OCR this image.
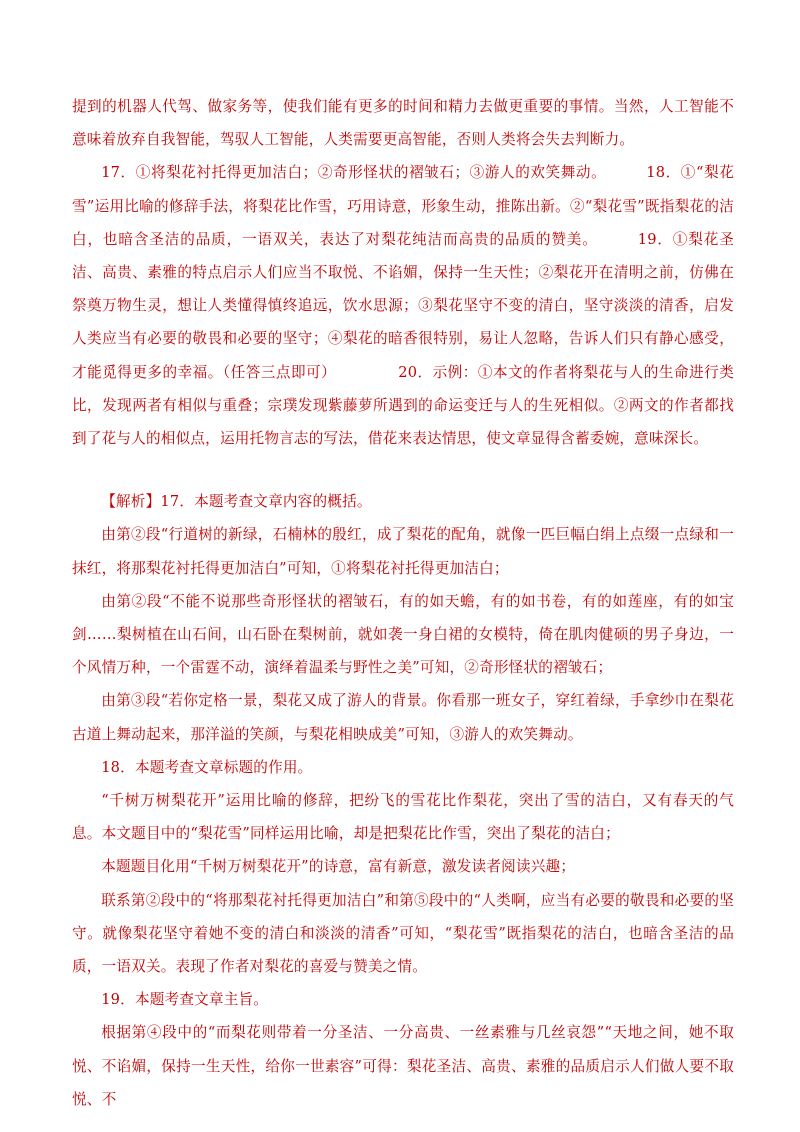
提到的机器人代驾、做家务等，使我们能有更多的时间和精力去做更重要的事情。当然，人工智能不意味着放弃自我智能，驾驭人工智能，人类需要更高智能，否则人类将会失去判断力。

17．①将梨花衬托得更加洁白；②奇形怪状的褶皱石；③游人的欢笑舞动。	18．①“梨花雪”运用比喻的修辞手法，将梨花比作雪，巧用诗意，形象生动，推陈出新。②“梨花雪”既指梨花的洁白，也暗含圣洁的品质，一语双关，表达了对梨花纯洁而高贵的品质的赞美。	19．①梨花圣洁、高贵、素雅的特点启示人们应当不取悦、不谄媚，保持一生天性；②梨花开在清明之前，仿佛在祭奠万物生灵，想让人类懂得慎终追远，饮水思源；③梨花坚守不变的清白，坚守淡淡的清香，启发人类应当有必要的敬畏和必要的坚守；④梨花的暗香很特别，易让人忽略，告诉人们只有静心感受，才能觅得更多的幸福。（任答三点即可）	20．示例：①本文的作者将梨花与人的生命进行类比，发现两者有相似与重叠；宗璞发现紫藤萝所遇到的命运变迁与人的生死相似。②两文的作者都找到了花与人的相似点，运用托物言志的写法，借花来表达情思，使文章显得含蓄委婉，意味深长。

【解析】17．本题考查文章内容的概括。

由第②段“行道树的新绿，石楠林的殷红，成了梨花的配角，就像一匹巨幅白绢上点缀一点绿和一抹红，将那梨花衬托得更加洁白”可知，①将梨花衬托得更加洁白；

由第②段“不能不说那些奇形怪状的褶皱石，有的如天蟾，有的如书卷，有的如莲座，有的如宝剑……梨树植在山石间，山石卧在梨树前，就如袭一身白裙的女模特，倚在肌肉健硕的男子身边，一个风情万种，一个雷霆不动，演绎着温柔与野性之美”可知，②奇形怪状的褶皱石；

由第③段“若你定格一景，梨花又成了游人的背景。你看那一班女子，穿红着绿，手拿纱巾在梨花古道上舞动起来，那洋溢的笑颜，与梨花相映成美”可知，③游人的欢笑舞动。

18．本题考查文章标题的作用。

“千树万树梨花开”运用比喻的修辞，把纷飞的雪花比作梨花，突出了雪的洁白，又有春天的气息。本文题目中的“梨花雪”同样运用比喻，却是把梨花比作雪，突出了梨花的洁白；

本题题目化用“千树万树梨花开”的诗意，富有新意，激发读者阅读兴趣；

联系第②段中的“将那梨花衬托得更加洁白”和第⑤段中的“人类啊，应当有必要的敬畏和必要的坚守。就像梨花坚守着她不变的清白和淡淡的清香”可知，“梨花雪”既指梨花的洁白，也暗含圣洁的品质，一语双关。表现了作者对梨花的喜爱与赞美之情。

19．本题考查文章主旨。

根据第④段中的“而梨花则带着一分圣洁、一分高贵、一丝素雅与几丝哀怨”“天地之间，她不取悦、不谄媚，保持一生天性，给你一世素容”可得：梨花圣洁、高贵、素雅的品质启示人们做人要不取悦、不
